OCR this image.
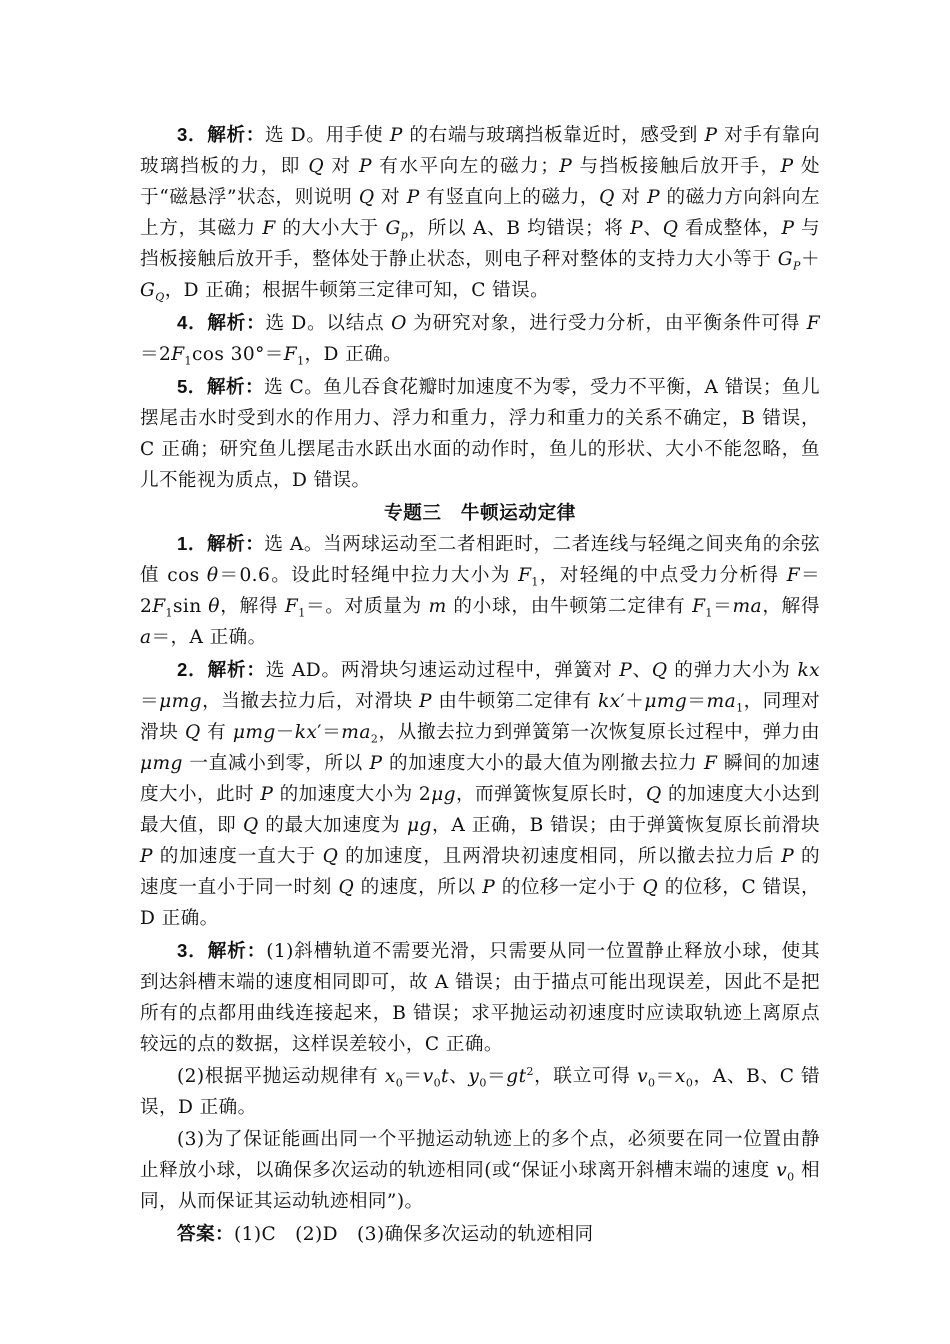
3．解析：选 D。用手使 P 的右端与玻璃挡板靠近时，感受到 P 对手有靠向玻璃挡板的力，即 Q 对 P 有水平向左的磁力；P 与挡板接触后放开手，P 处于“磁悬浮”状态，则说明 Q 对 P 有竖直向上的磁力，Q 对 P 的磁力方向斜向左上方，其磁力 F 的大小大于 $G_p$，所以 A、B 均错误；将 P、Q 看成整体，P 与挡板接触后放开手，整体处于静止状态，则电子秤对整体的支持力大小等于 $G_P+G_Q$，D 正确；根据牛顿第三定律可知，C 错误。

4．解析：选 D。以结点 O 为研究对象，进行受力分析，由平衡条件可得 $F=2F_1\cos$ $30^\circ=F_1$，D 正确。

5．解析：选 C。鱼儿吞食花瓣时加速度不为零，受力不平衡，A 错误；鱼儿摆尾击水时受到水的作用力、浮力和重力，浮力和重力的关系不确定，B 错误，C 正确；研究鱼儿摆尾击水跃出水面的动作时，鱼儿的形状、大小不能忽略，鱼儿不能视为质点，D 错误。

专题三　牛顿运动定律

1．解析：选 A。当两球运动至二者相距时，二者连线与轻绳之间夹角的余弦值 cos θ＝0.6。设此时轻绳中拉力大小为 $F_1$，对轻绳的中点受力分析得 $F=2F_1\sin$ θ，解得 $F_1=$。对质量为 m 的小球，由牛顿第二定律有 $F_1=ma$，解得 a＝，A 正确。

2．解析：选 AD。两滑块匀速运动过程中，弹簧对 P、Q 的弹力大小为 kx＝μmg，当撤去拉力后，对滑块 P 由牛顿第二定律有 $kx'+\mu mg=ma_1$，同理对滑块 Q 有 $\mu mg-kx'=ma_2$，从撤去拉力到弹簧第一次恢复原长过程中，弹力由 μmg 一直减小到零，所以 P 的加速度大小的最大值为刚撤去拉力 F 瞬间的加速度大小，此时 P 的加速度大小为 2μg，而弹簧恢复原长时，Q 的加速度大小达到最大值，即 Q 的最大加速度为 μg，A 正确，B 错误；由于弹簧恢复原长前滑块 P 的加速度一直大于 Q 的加速度，且两滑块初速度相同，所以撤去拉力后 P 的速度一直小于同一时刻 Q 的速度，所以 P 的位移一定小于 Q 的位移，C 错误，D 正确。

3．解析：(1)斜槽轨道不需要光滑，只需要从同一位置静止释放小球，使其到达斜槽末端的速度相同即可，故 A 错误；由于描点可能出现误差，因此不是把所有的点都用曲线连接起来，B 错误；求平抛运动初速度时应读取轨迹上离原点较远的点的数据，这样误差较小，C 正确。

(2)根据平抛运动规律有 $x_0=v_0t$、$y_0=gt^2$，联立可得 $v_0=x_0$，A、B、C 错误，D 正确。

(3)为了保证能画出同一个平抛运动轨迹上的多个点，必须要在同一位置由静止释放小球，以确保多次运动的轨迹相同(或“保证小球离开斜槽末端的速度 $v_0$ 相同，从而保证其运动轨迹相同”)。

答案：(1)C　(2)D　(3)确保多次运动的轨迹相同
